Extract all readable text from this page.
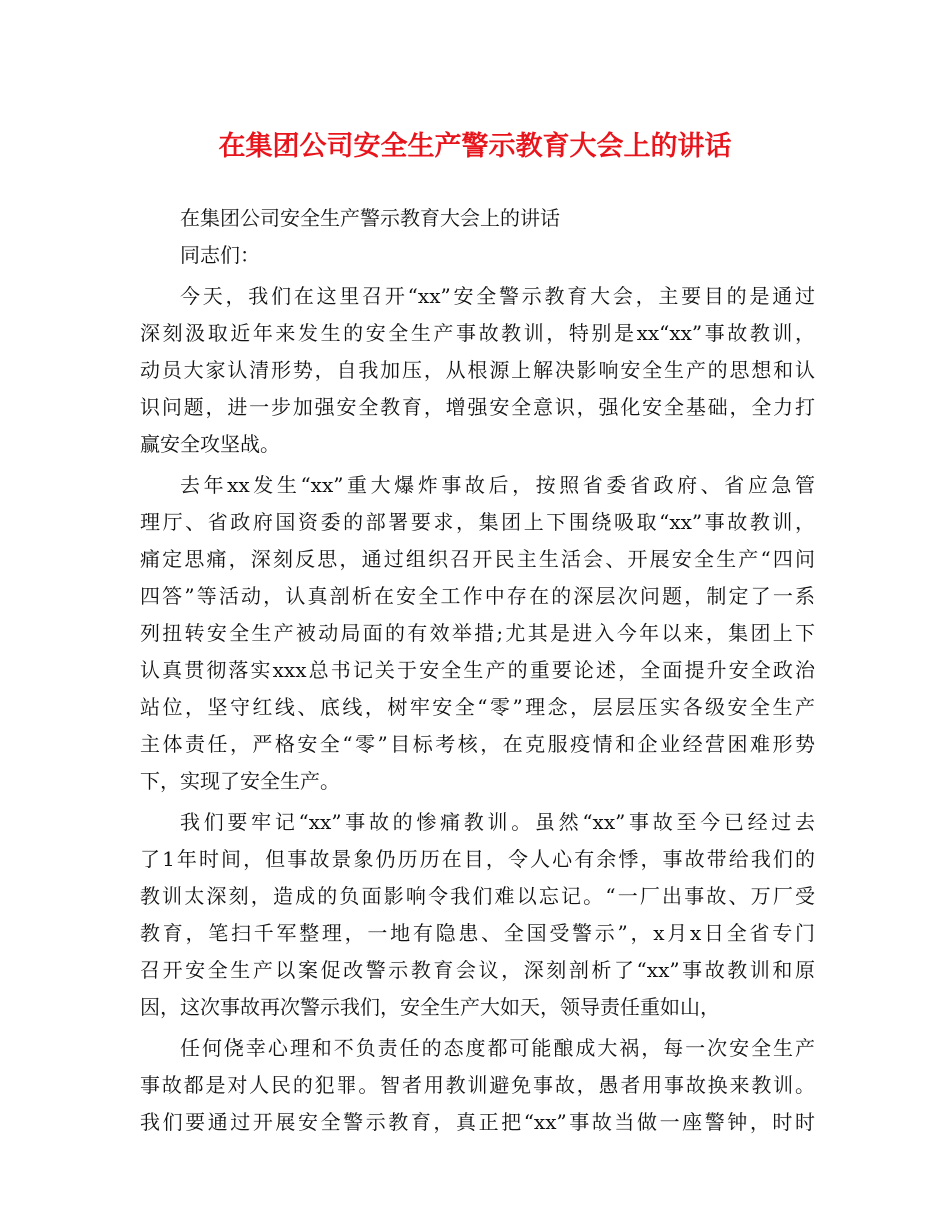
在集团公司安全生产警示教育大会上的讲话
在集团公司安全生产警示教育大会上的讲话
同志们：
今天，我们在这里召开“xx”安全警示教育大会，主要目的是通过
深刻汲取近年来发生的安全生产事故教训，特别是xx“xx”事故教训，
动员大家认清形势，自我加压，从根源上解决影响安全生产的思想和认
识问题，进一步加强安全教育，增强安全意识，强化安全基础，全力打
赢安全攻坚战。
去年xx发生“xx”重大爆炸事故后，按照省委省政府、省应急管
理厅、省政府国资委的部署要求，集团上下围绕吸取“xx”事故教训，
痛定思痛，深刻反思，通过组织召开民主生活会、开展安全生产“四问
四答”等活动，认真剖析在安全工作中存在的深层次问题，制定了一系
列扭转安全生产被动局面的有效举措;尤其是进入今年以来，集团上下
认真贯彻落实xxx总书记关于安全生产的重要论述，全面提升安全政治
站位，坚守红线、底线，树牢安全“零”理念，层层压实各级安全生产
主体责任，严格安全“零”目标考核，在克服疫情和企业经营困难形势
下，实现了安全生产。
我们要牢记“xx”事故的惨痛教训。虽然“xx”事故至今已经过去
了1年时间，但事故景象仍历历在目，令人心有余悸，事故带给我们的
教训太深刻，造成的负面影响令我们难以忘记。“一厂出事故、万厂受
教育，笔扫千军整理，一地有隐患、全国受警示”，x月x日全省专门
召开安全生产以案促改警示教育会议，深刻剖析了“xx”事故教训和原
因，这次事故再次警示我们，安全生产大如天，领导责任重如山，
任何侥幸心理和不负责任的态度都可能酿成大祸，每一次安全生产
事故都是对人民的犯罪。智者用教训避免事故，愚者用事故换来教训。
我们要通过开展安全警示教育，真正把“xx”事故当做一座警钟，时时
